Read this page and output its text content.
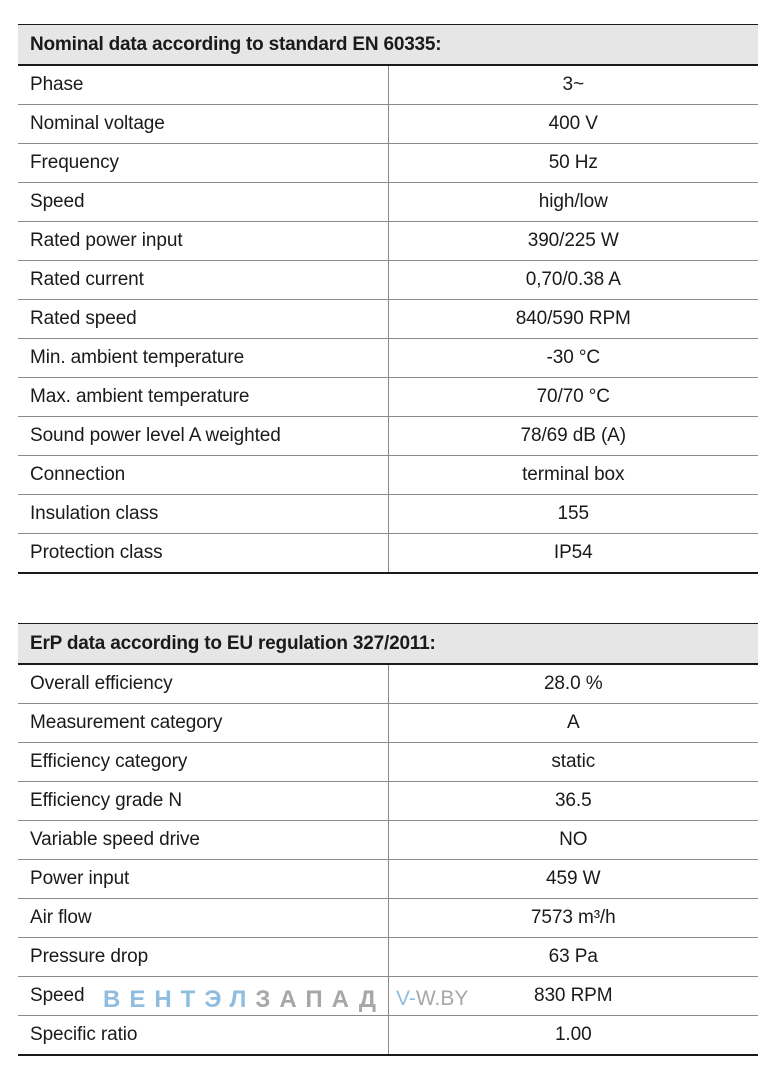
Nominal data according to standard EN 60335:	
Phase	3~
Nominal voltage	400 V
Frequency	50 Hz
Speed	high/low
Rated power input	390/225 W
Rated current	0,70/0.38 A
Rated speed	840/590 RPM
Min. ambient temperature	-30 °C
Max. ambient temperature	70/70 °C
Sound power level A weighted	78/69 dB (A)
Connection	terminal box
Insulation class	155
Protection class	IP54
ErP data according to EU regulation 327/2011:	
Overall efficiency	28.0 %
Measurement category	A
Efficiency category	static
Efficiency grade N	36.5
Variable speed drive	NO
Power input	459 W
Air flow	7573 m³/h
Pressure drop	63 Pa
Speed	830 RPM
Specific ratio	1.00
ВЕНТЭЛЗАПАД V-W.BY
